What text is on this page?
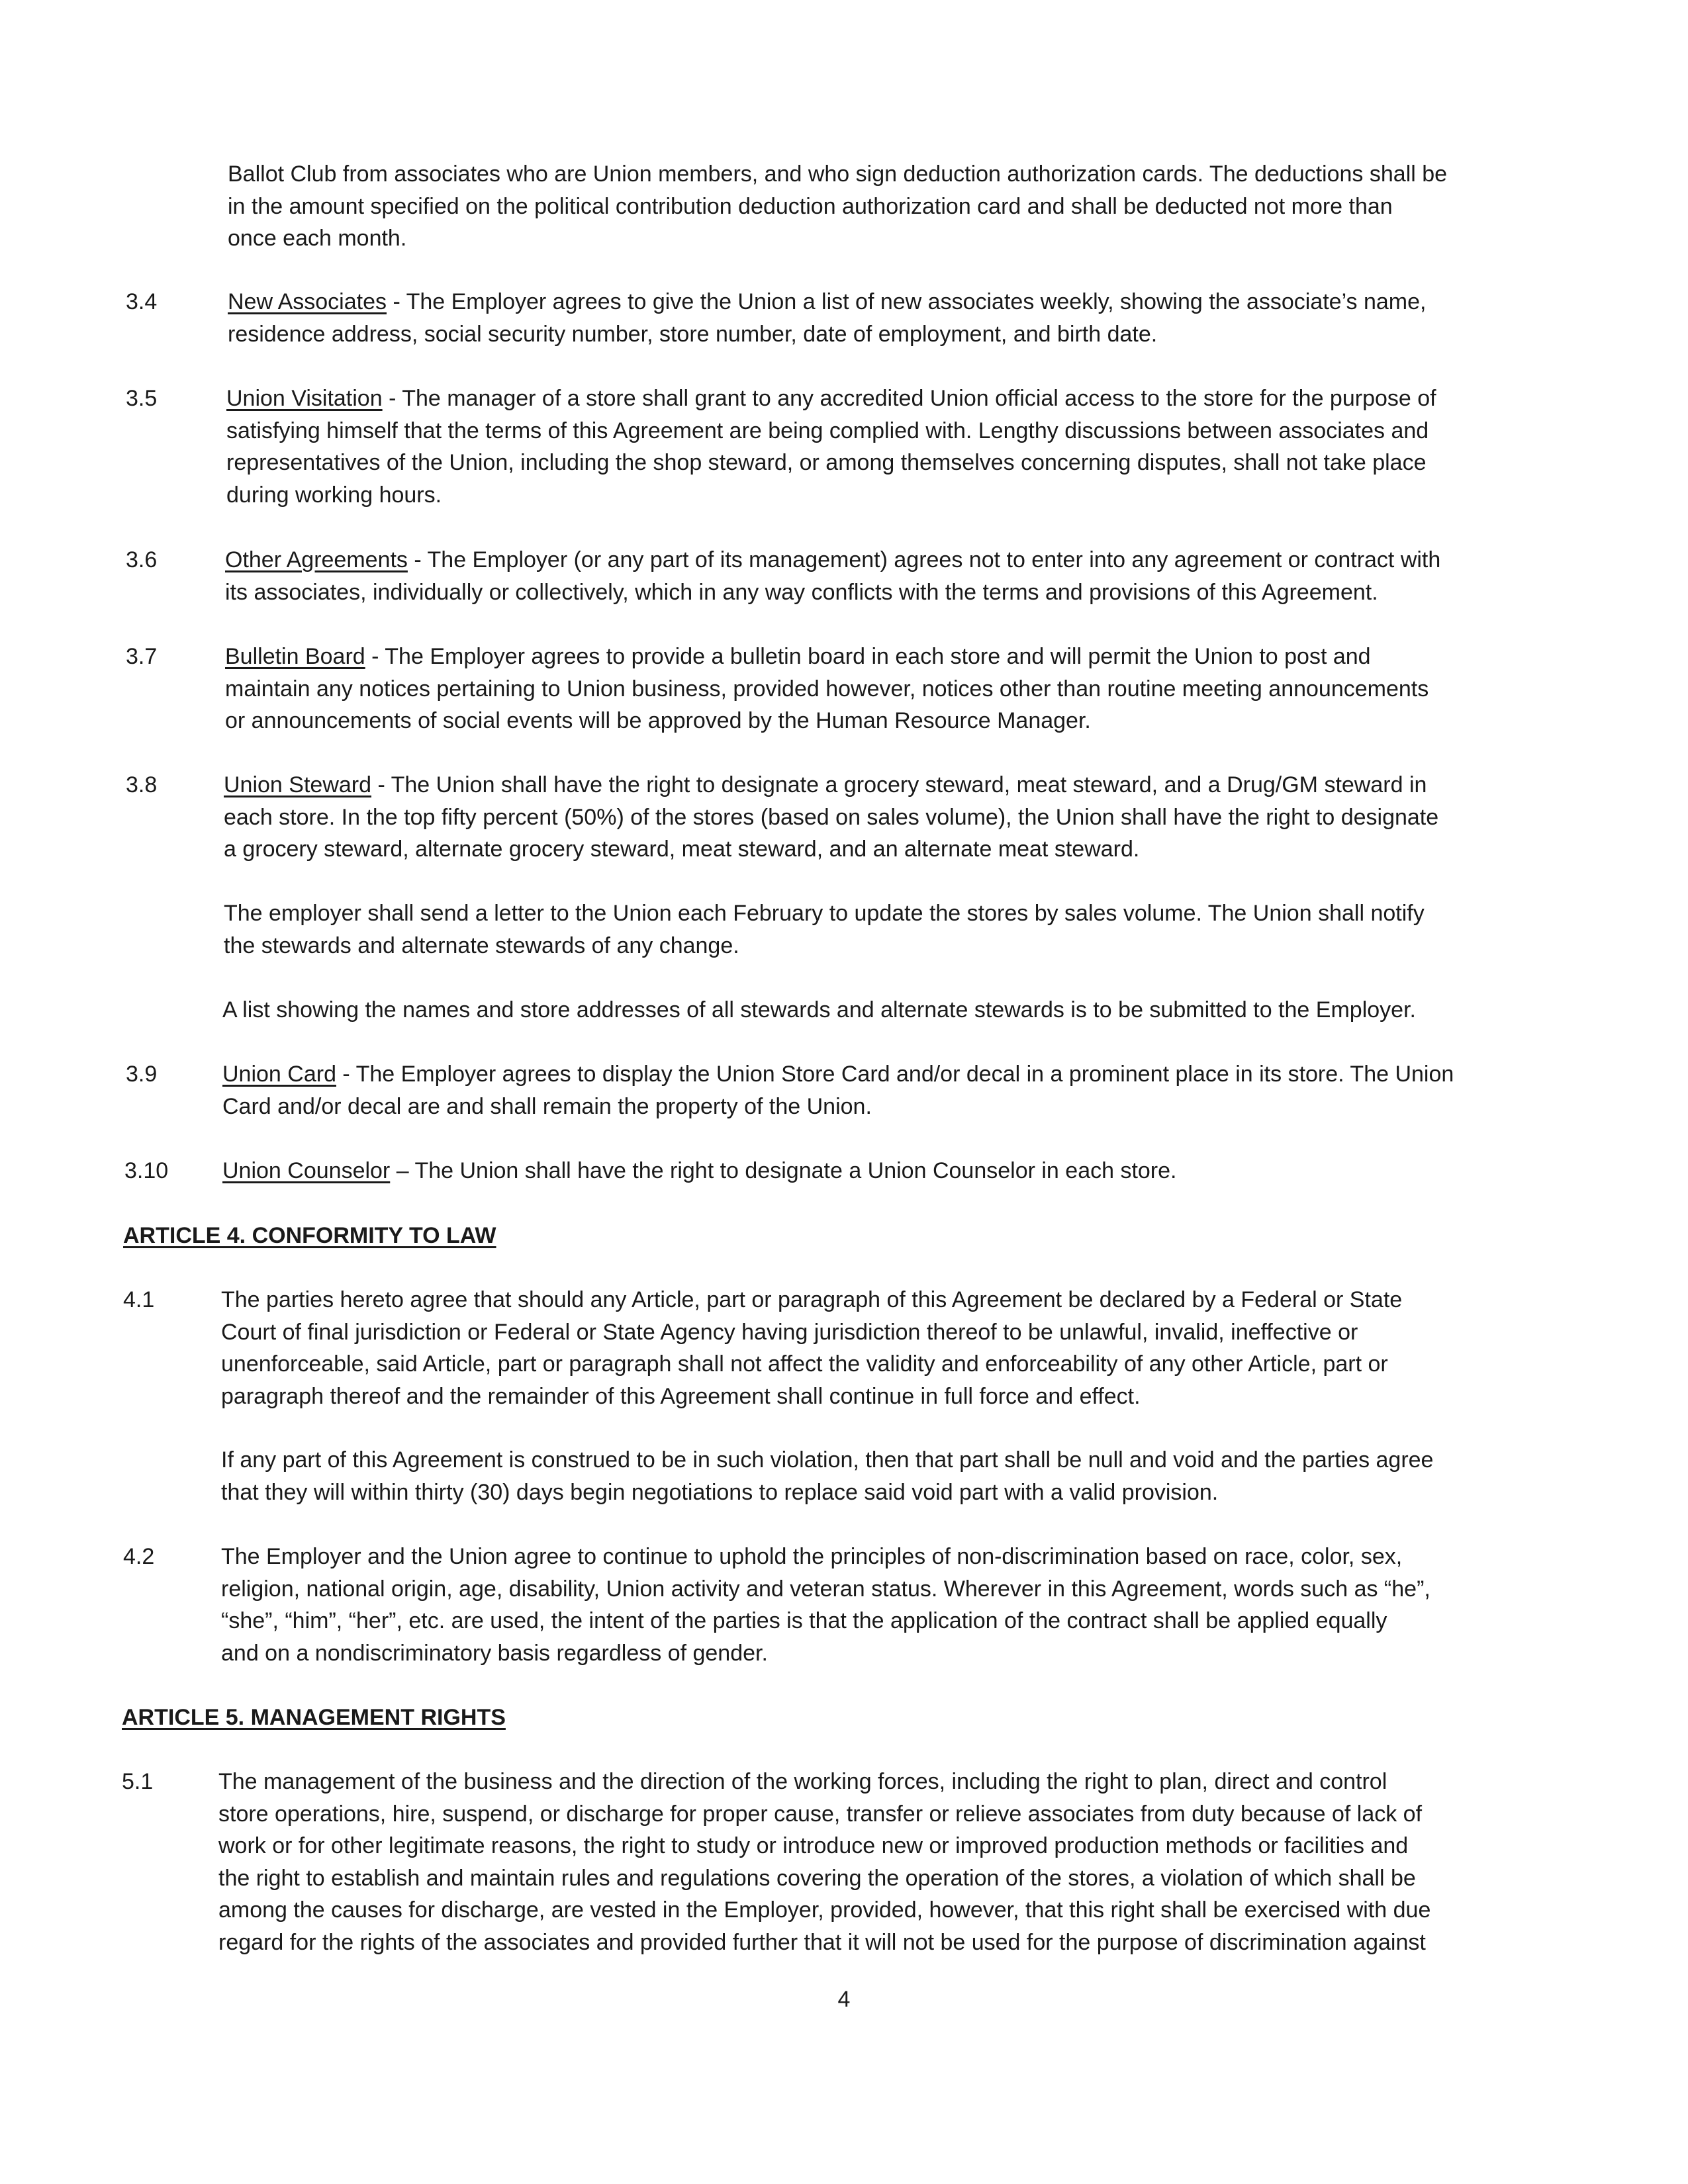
Ballot Club from associates who are Union members, and who sign deduction authorization cards. The deductions shall be
in the amount specified on the political contribution deduction authorization card and shall be deducted not more than
once each month.
3.4	New Associates - The Employer agrees to give the Union a list of new associates weekly, showing the associate’s name,
residence address, social security number, store number, date of employment, and birth date.
3.5	Union Visitation - The manager of a store shall grant to any accredited Union official access to the store for the purpose of
satisfying himself that the terms of this Agreement are being complied with. Lengthy discussions between associates and
representatives of the Union, including the shop steward, or among themselves concerning disputes, shall not take place
during working hours.
3.6	Other Agreements - The Employer (or any part of its management) agrees not to enter into any agreement or contract with
its associates, individually or collectively, which in any way conflicts with the terms and provisions of this Agreement.
3.7	Bulletin Board - The Employer agrees to provide a bulletin board in each store and will permit the Union to post and
maintain any notices pertaining to Union business, provided however, notices other than routine meeting announcements
or announcements of social events will be approved by the Human Resource Manager.
3.8	Union Steward - The Union shall have the right to designate a grocery steward, meat steward, and a Drug/GM steward in
each store. In the top fifty percent (50%) of the stores (based on sales volume), the Union shall have the right to designate
a grocery steward, alternate grocery steward, meat steward, and an alternate meat steward.
The employer shall send a letter to the Union each February to update the stores by sales volume. The Union shall notify
the stewards and alternate stewards of any change.
A list showing the names and store addresses of all stewards and alternate stewards is to be submitted to the Employer.
3.9	Union Card - The Employer agrees to display the Union Store Card and/or decal in a prominent place in its store. The Union
Card and/or decal are and shall remain the property of the Union.
3.10 Union Counselor – The Union shall have the right to designate a Union Counselor in each store.
ARTICLE 4. CONFORMITY TO LAW
4.1	The parties hereto agree that should any Article, part or paragraph of this Agreement be declared by a Federal or State
Court of final jurisdiction or Federal or State Agency having jurisdiction thereof to be unlawful, invalid, ineffective or
unenforceable, said Article, part or paragraph shall not affect the validity and enforceability of any other Article, part or
paragraph thereof and the remainder of this Agreement shall continue in full force and effect.
If any part of this Agreement is construed to be in such violation, then that part shall be null and void and the parties agree
that they will within thirty (30) days begin negotiations to replace said void part with a valid provision.
4.2	The Employer and the Union agree to continue to uphold the principles of non-discrimination based on race, color, sex,
religion, national origin, age, disability, Union activity and veteran status. Wherever in this Agreement, words such as “he”,
“she”, “him”, “her”, etc. are used, the intent of the parties is that the application of the contract shall be applied equally
and on a nondiscriminatory basis regardless of gender.
ARTICLE 5. MANAGEMENT RIGHTS
5.1	The management of the business and the direction of the working forces, including the right to plan, direct and control
store operations, hire, suspend, or discharge for proper cause, transfer or relieve associates from duty because of lack of
work or for other legitimate reasons, the right to study or introduce new or improved production methods or facilities and
the right to establish and maintain rules and regulations covering the operation of the stores, a violation of which shall be
among the causes for discharge, are vested in the Employer, provided, however, that this right shall be exercised with due
regard for the rights of the associates and provided further that it will not be used for the purpose of discrimination against
4
